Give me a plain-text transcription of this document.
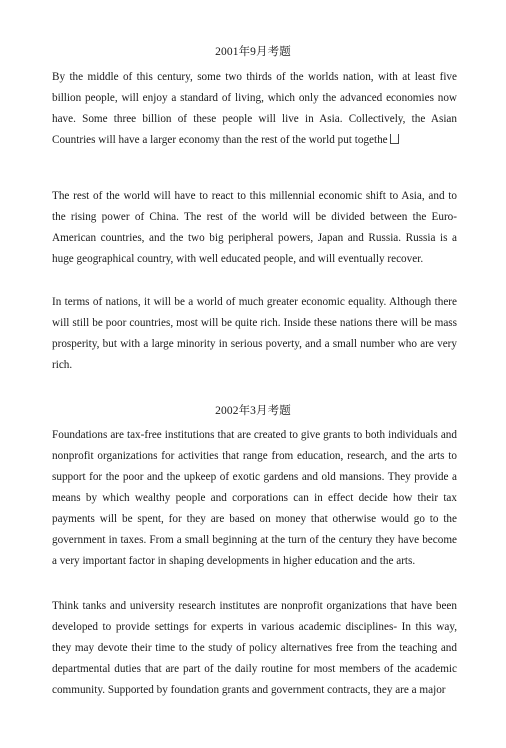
2001年9月考题
By the middle of this century, some two thirds of the worlds nation, with at least five billion people, will enjoy a standard of living, which only the advanced economies now have. Some three billion of these people will live in Asia. Collectively, the Asian Countries will have a larger economy than the rest of the world put togethe
The rest of the world will have to react to this millennial economic shift to Asia, and to the rising power of China. The rest of the world will be divided between the Euro-American countries, and the two big peripheral powers, Japan and Russia. Russia is a huge geographical country, with well educated people, and will eventually recover.
In terms of nations, it will be a world of much greater economic equality. Although there will still be poor countries, most will be quite rich. Inside these nations there will be mass prosperity, but with a large minority in serious poverty, and a small number who are very rich.
2002年3月考题
Foundations are tax-free institutions that are created to give grants to both individuals and nonprofit organizations for activities that range from education, research, and the arts to support for the poor and the upkeep of exotic gardens and old mansions. They provide a means by which wealthy people and corporations can in effect decide how their tax payments will be spent, for they are based on money that otherwise would go to the government in taxes. From a small beginning at the turn of the century they have become a very important factor in shaping developments in higher education and the arts.
Think tanks and university research institutes are nonprofit organizations that have been developed to provide settings for experts in various academic disciplines- In this way, they may devote their time to the study of policy alternatives free from the teaching and departmental duties that are part of the daily routine for most members of the academic community. Supported by foundation grants and government contracts, they are a major
